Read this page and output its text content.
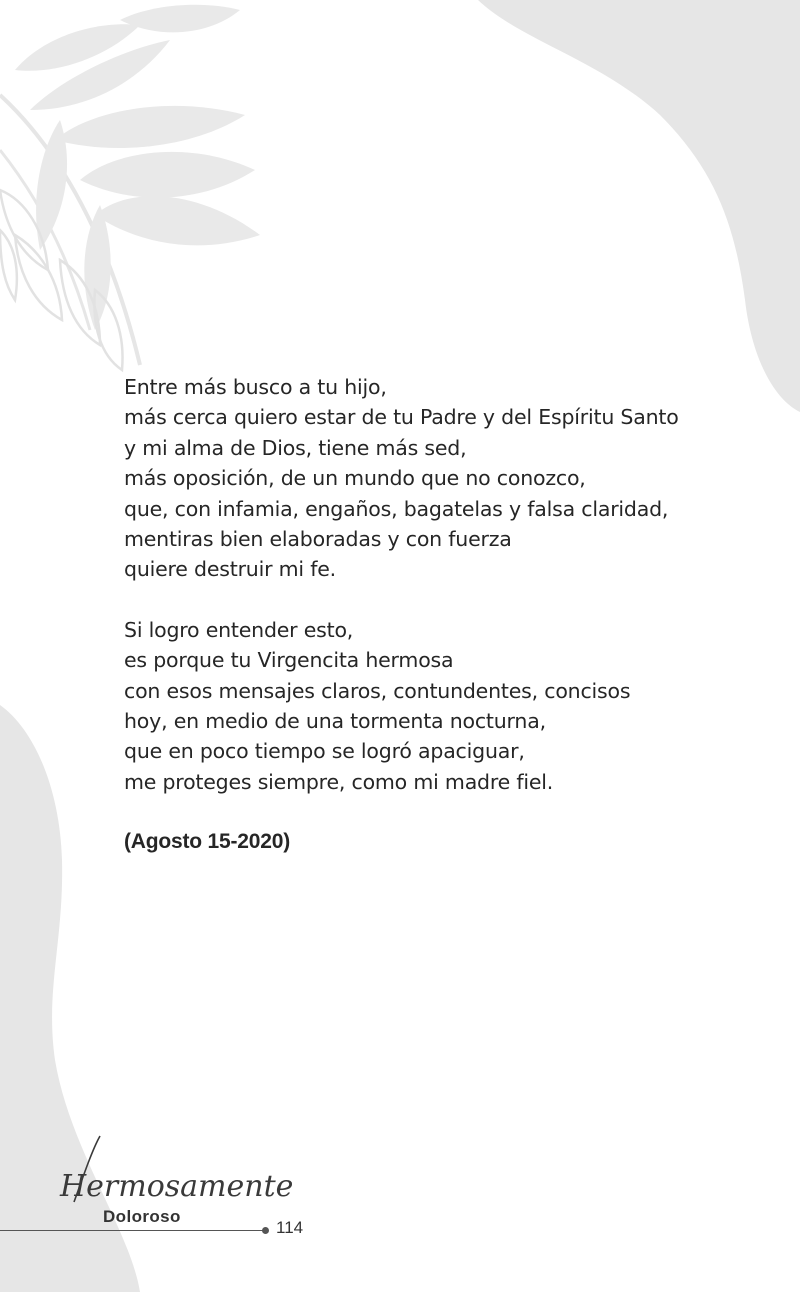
Entre más busco a tu hijo,
más cerca quiero estar de tu Padre y del Espíritu Santo
y mi alma de Dios, tiene más sed,
más oposición, de un mundo que no conozco,
que, con infamia, engaños, bagatelas y falsa claridad,
mentiras bien elaboradas y con fuerza
quiere destruir mi fe.
Si logro entender esto,
es porque tu Virgencita hermosa
con esos mensajes claros, contundentes, concisos
hoy, en medio de una tormenta nocturna,
que en poco tiempo se logró apaciguar,
me proteges siempre, como mi madre fiel.
(Agosto 15-2020)
Hermosamente
Doloroso
114
